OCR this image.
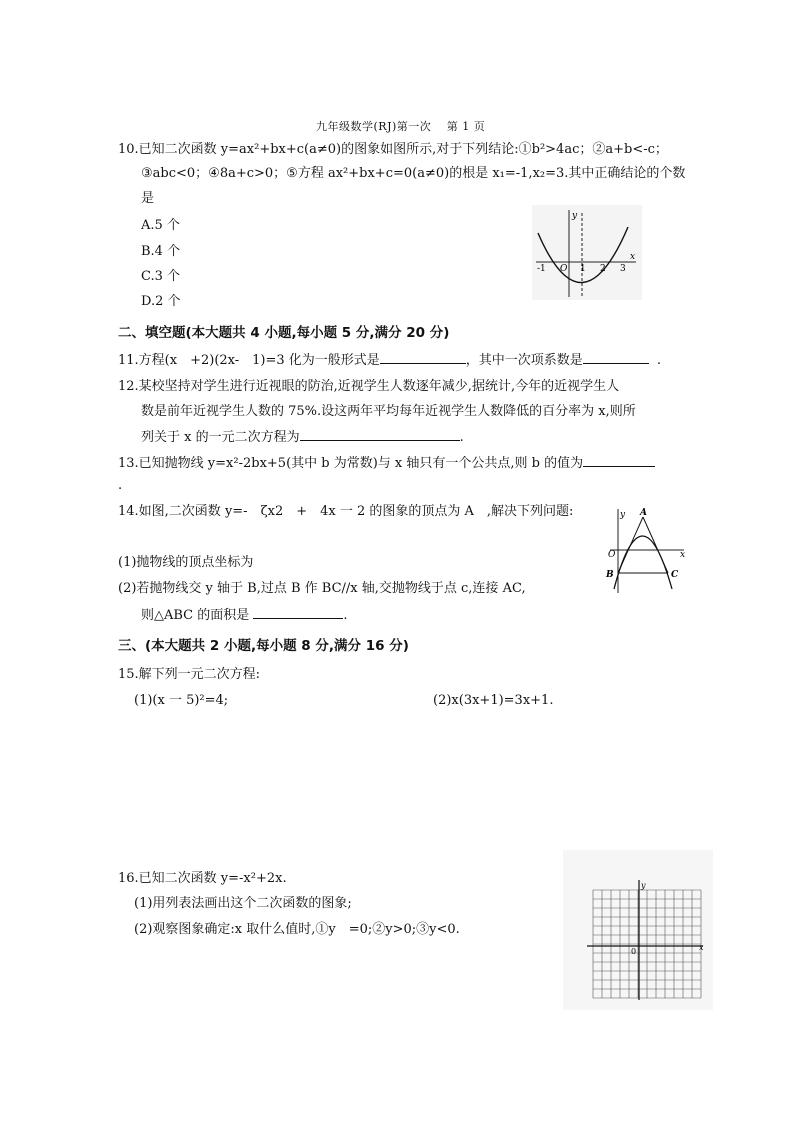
九年级数学(RJ)第一次　 第 1 页
10.已知二次函数 y=ax²+bx+c(a≠0)的图象如图所示,对于下列结论:①b²>4ac；②a+b<-c；
③abc<0；④8a+c>0；⑤方程 ax²+bx+c=0(a≠0)的根是 x₁=-1,x₂=3.其中正确结论的个数
是
A.5 个
B.4 个
C.3 个
D.2 个
y
x
-1 O 1 2 3
二、填空题(本大题共 4 小题,每小题 5 分,满分 20 分)
11.方程(x　+2)(2x-　1)=3 化为一般形式是	，其中一次项系数是	.
12.某校坚持对学生进行近视眼的防治,近视学生人数逐年减少,据统计,今年的近视学生人
数是前年近视学生人数的 75%.设这两年平均每年近视学生人数降低的百分率为 x,则所
列关于 x 的一元二次方程为	.
13.已知抛物线 y=x²-2bx+5(其中 b 为常数)与 x 轴只有一个公共点,则 b 的值为
.
14.如图,二次函数 y=-　ζx2　+　4x 一 2 的图象的顶点为 A　,解决下列问题:
(1)抛物线的顶点坐标为
(2)若抛物线交 y 轴于 B,过点 B 作 BC//x 轴,交抛物线于点 c,连接 AC,
则△ABC 的面积是	.
y
x
A
O
B	C
三、(本大题共 2 小题,每小题 8 分,满分 16 分)
15.解下列一元二次方程:
(1)(x 一 5)²=4;	(2)x(3x+1)=3x+1.
16.已知二次函数 y=-x²+2x.
(1)用列表法画出这个二次函数的图象;
(2)观察图象确定:x 取什么值时,①y　=0;②y>0;③y<0.
y
x
0
